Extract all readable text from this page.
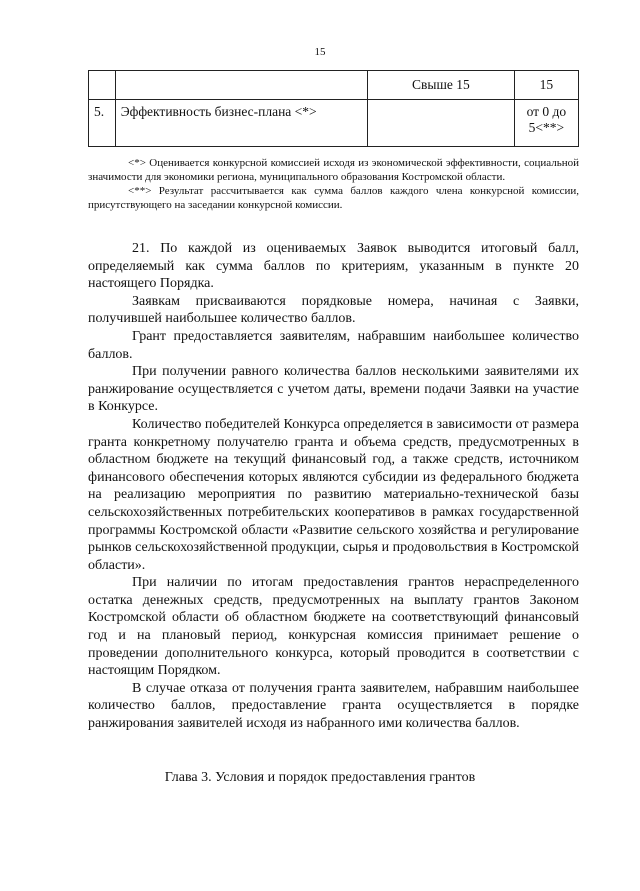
15
		Свыше 15	15
5.	Эффективность бизнес-плана <*>		от 0 до 5<**>

<*> Оценивается конкурсной комиссией исходя из экономической эффективности, социальной значимости для экономики региона, муниципального образования Костромской области.

<**> Результат рассчитывается как сумма баллов каждого члена конкурсной комиссии, присутствующего на заседании конкурсной комиссии.

21. По каждой из оцениваемых Заявок выводится итоговый балл, определяемый как сумма баллов по критериям, указанным в пункте 20 настоящего Порядка.

Заявкам присваиваются порядковые номера, начиная с Заявки, получившей наибольшее количество баллов.

Грант предоставляется заявителям, набравшим наибольшее количество баллов.

При получении равного количества баллов несколькими заявителями их ранжирование осуществляется с учетом даты, времени подачи Заявки на участие в Конкурсе.

Количество победителей Конкурса определяется в зависимости от размера гранта конкретному получателю гранта и объема средств, предусмотренных в областном бюджете на текущий финансовый год, а также средств, источником финансового обеспечения которых являются субсидии из федерального бюджета на реализацию мероприятия по развитию материально-технической базы сельскохозяйственных потребительских кооперативов в рамках государственной программы Костромской области «Развитие сельского хозяйства и регулирование рынков сельскохозяйственной продукции, сырья и продовольствия в Костромской области».

При наличии по итогам предоставления грантов нераспределенного остатка денежных средств, предусмотренных на выплату грантов Законом Костромской области об областном бюджете на соответствующий финансовый год и на плановый период, конкурсная комиссия принимает решение о проведении дополнительного конкурса, который проводится в соответствии с настоящим Порядком.

В случае отказа от получения гранта заявителем, набравшим наибольшее количество баллов, предоставление гранта осуществляется в порядке ранжирования заявителей исходя из набранного ими количества баллов.

Глава 3. Условия и порядок предоставления грантов
